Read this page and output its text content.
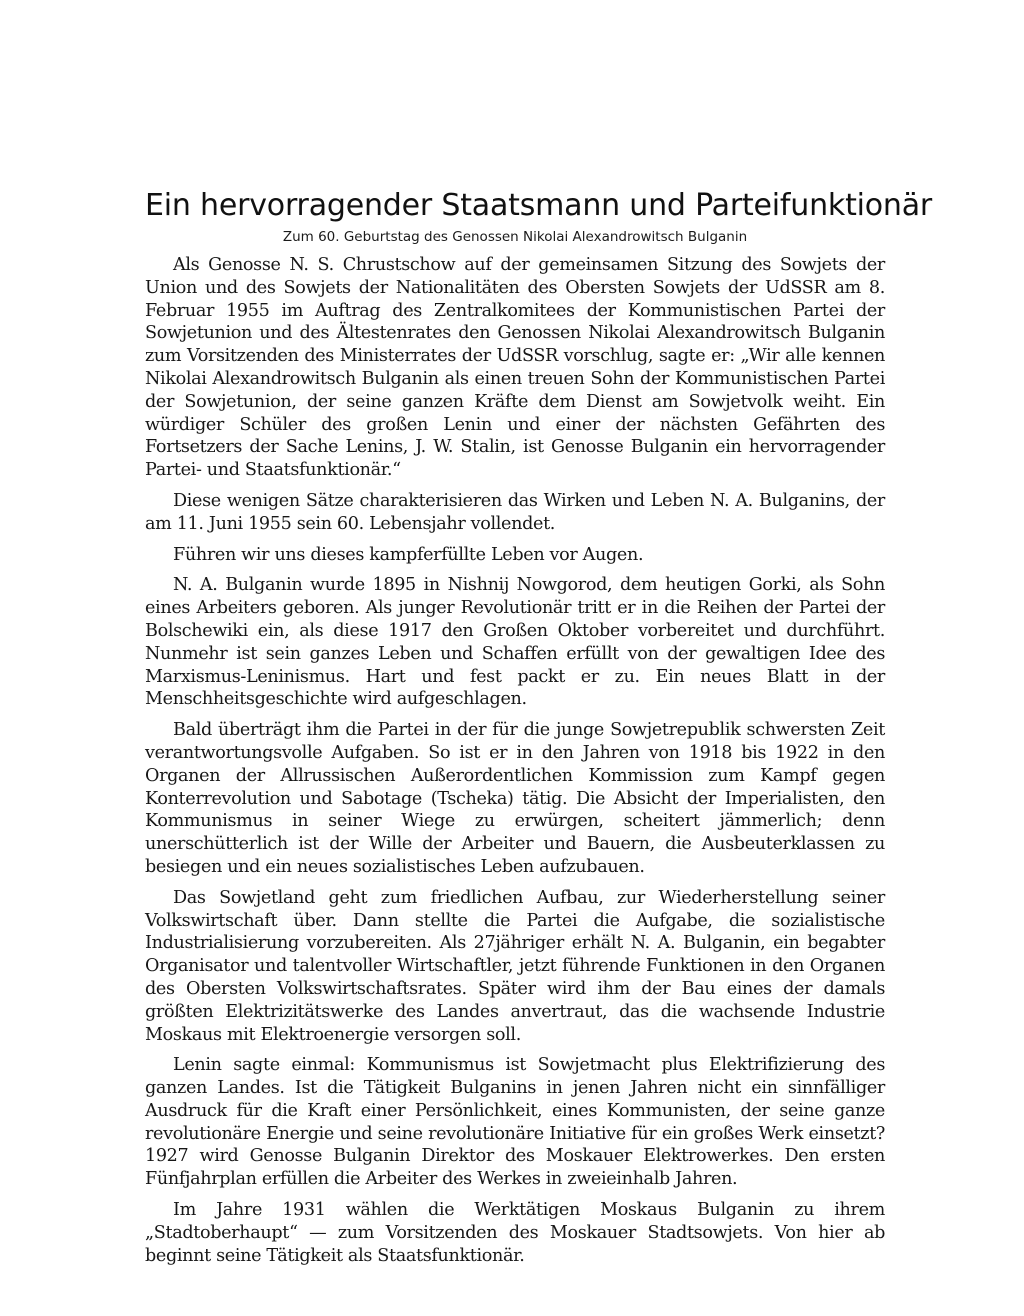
Ein hervorragender Staatsmann und Parteifunktionär
Zum 60. Geburtstag des Genossen Nikolai Alexandrowitsch Bulganin

Als Genosse N. S. Chrustschow auf der gemeinsamen Sitzung des Sowjets der Union und des Sowjets der Nationalitäten des Obersten Sowjets der UdSSR am 8. Februar 1955 im Auftrag des Zentralkomitees der Kommunistischen Partei der Sowjetunion und des Ältestenrates den Genossen Nikolai Alexandrowitsch Bulganin zum Vorsitzenden des Ministerrates der UdSSR vorschlug, sagte er: „Wir alle kennen Nikolai Alexandrowitsch Bulganin als einen treuen Sohn der Kommunistischen Partei der Sowjetunion, der seine ganzen Kräfte dem Dienst am Sowjetvolk weiht. Ein würdiger Schüler des großen Lenin und einer der nächsten Gefährten des Fortsetzers der Sache Lenins, J. W. Stalin, ist Genosse Bulganin ein hervorragender Partei- und Staatsfunktionär.“

Diese wenigen Sätze charakterisieren das Wirken und Leben N. A. Bulganins, der am 11. Juni 1955 sein 60. Lebensjahr vollendet.

Führen wir uns dieses kampferfüllte Leben vor Augen.

N. A. Bulganin wurde 1895 in Nishnij Nowgorod, dem heutigen Gorki, als Sohn eines Arbeiters geboren. Als junger Revolutionär tritt er in die Reihen der Partei der Bolschewiki ein, als diese 1917 den Großen Oktober vorbereitet und durchführt. Nunmehr ist sein ganzes Leben und Schaffen erfüllt von der gewaltigen Idee des Marxismus-Leninismus. Hart und fest packt er zu. Ein neues Blatt in der Menschheitsgeschichte wird aufgeschlagen.

Bald überträgt ihm die Partei in der für die junge Sowjetrepublik schwersten Zeit verantwortungsvolle Aufgaben. So ist er in den Jahren von 1918 bis 1922 in den Organen der Allrussischen Außerordentlichen Kommission zum Kampf gegen Konterrevolution und Sabotage (Tscheka) tätig. Die Absicht der Imperialisten, den Kommunismus in seiner Wiege zu erwürgen, scheitert jämmerlich; denn unerschütterlich ist der Wille der Arbeiter und Bauern, die Ausbeuterklassen zu besiegen und ein neues sozialistisches Leben aufzubauen.

Das Sowjetland geht zum friedlichen Aufbau, zur Wiederherstellung seiner Volkswirtschaft über. Dann stellte die Partei die Aufgabe, die sozialistische Industrialisierung vorzubereiten. Als 27jähriger erhält N. A. Bulganin, ein begabter Organisator und talentvoller Wirtschaftler, jetzt führende Funktionen in den Organen des Obersten Volkswirtschaftsrates. Später wird ihm der Bau eines der damals größten Elektrizitätswerke des Landes anvertraut, das die wachsende Industrie Moskaus mit Elektroenergie versorgen soll.

Lenin sagte einmal: Kommunismus ist Sowjetmacht plus Elektrifizierung des ganzen Landes. Ist die Tätigkeit Bulganins in jenen Jahren nicht ein sinnfälliger Ausdruck für die Kraft einer Persönlichkeit, eines Kommunisten, der seine ganze revolutionäre Energie und seine revolutionäre Initiative für ein großes Werk einsetzt? 1927 wird Genosse Bulganin Direktor des Moskauer Elektrowerkes. Den ersten Fünfjahrplan erfüllen die Arbeiter des Werkes in zweieinhalb Jahren.

Im Jahre 1931 wählen die Werktätigen Moskaus Bulganin zu ihrem „Stadtoberhaupt“ — zum Vorsitzenden des Moskauer Stadtsowjets. Von hier ab beginnt seine Tätigkeit als Staatsfunktionär.
